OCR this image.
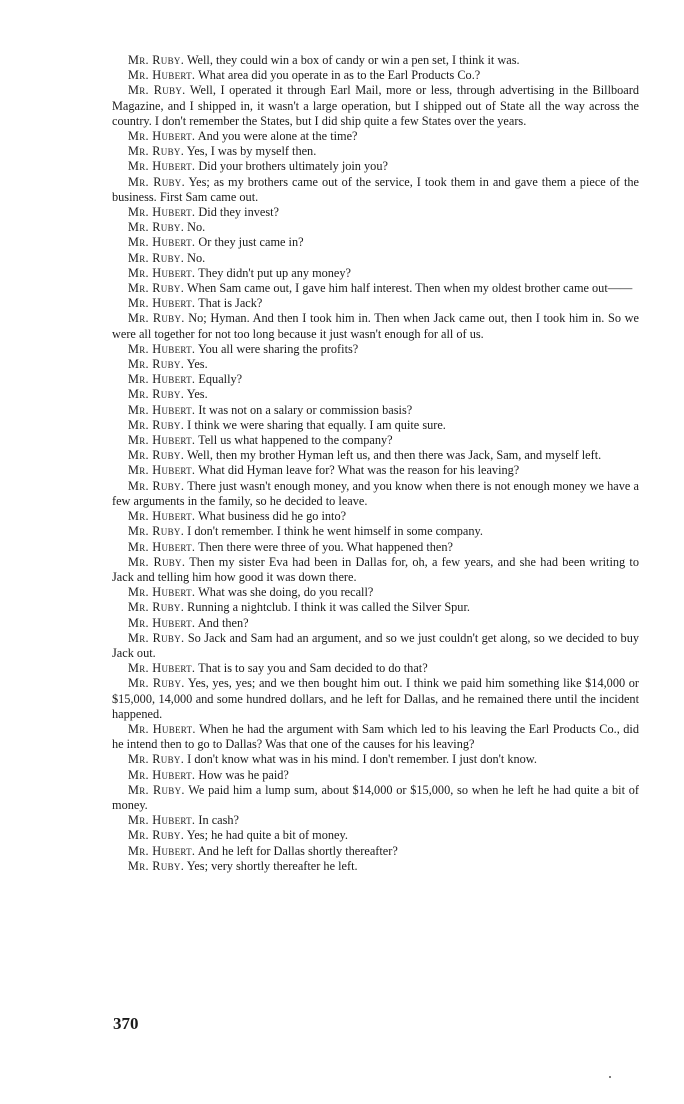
Mr. Ruby. Well, they could win a box of candy or win a pen set, I think it was.

Mr. Hubert. What area did you operate in as to the Earl Products Co.?

Mr. Ruby. Well, I operated it through Earl Mail, more or less, through advertising in the Billboard Magazine, and I shipped in, it wasn't a large operation, but I shipped out of State all the way across the country. I don't remember the States, but I did ship quite a few States over the years.

Mr. Hubert. And you were alone at the time?

Mr. Ruby. Yes, I was by myself then.

Mr. Hubert. Did your brothers ultimately join you?

Mr. Ruby. Yes; as my brothers came out of the service, I took them in and gave them a piece of the business. First Sam came out.

Mr. Hubert. Did they invest?

Mr. Ruby. No.

Mr. Hubert. Or they just came in?

Mr. Ruby. No.

Mr. Hubert. They didn't put up any money?

Mr. Ruby. When Sam came out, I gave him half interest. Then when my oldest brother came out——

Mr. Hubert. That is Jack?

Mr. Ruby. No; Hyman. And then I took him in. Then when Jack came out, then I took him in. So we were all together for not too long because it just wasn't enough for all of us.

Mr. Hubert. You all were sharing the profits?

Mr. Ruby. Yes.

Mr. Hubert. Equally?

Mr. Ruby. Yes.

Mr. Hubert. It was not on a salary or commission basis?

Mr. Ruby. I think we were sharing that equally. I am quite sure.

Mr. Hubert. Tell us what happened to the company?

Mr. Ruby. Well, then my brother Hyman left us, and then there was Jack, Sam, and myself left.

Mr. Hubert. What did Hyman leave for? What was the reason for his leaving?

Mr. Ruby. There just wasn't enough money, and you know when there is not enough money we have a few arguments in the family, so he decided to leave.

Mr. Hubert. What business did he go into?

Mr. Ruby. I don't remember. I think he went himself in some company.

Mr. Hubert. Then there were three of you. What happened then?

Mr. Ruby. Then my sister Eva had been in Dallas for, oh, a few years, and she had been writing to Jack and telling him how good it was down there.

Mr. Hubert. What was she doing, do you recall?

Mr. Ruby. Running a nightclub. I think it was called the Silver Spur.

Mr. Hubert. And then?

Mr. Ruby. So Jack and Sam had an argument, and so we just couldn't get along, so we decided to buy Jack out.

Mr. Hubert. That is to say you and Sam decided to do that?

Mr. Ruby. Yes, yes, yes; and we then bought him out. I think we paid him something like $14,000 or $15,000, 14,000 and some hundred dollars, and he left for Dallas, and he remained there until the incident happened.

Mr. Hubert. When he had the argument with Sam which led to his leaving the Earl Products Co., did he intend then to go to Dallas? Was that one of the causes for his leaving?

Mr. Ruby. I don't know what was in his mind. I don't remember. I just don't know.

Mr. Hubert. How was he paid?

Mr. Ruby. We paid him a lump sum, about $14,000 or $15,000, so when he left he had quite a bit of money.

Mr. Hubert. In cash?

Mr. Ruby. Yes; he had quite a bit of money.

Mr. Hubert. And he left for Dallas shortly thereafter?

Mr. Ruby. Yes; very shortly thereafter he left.

370
